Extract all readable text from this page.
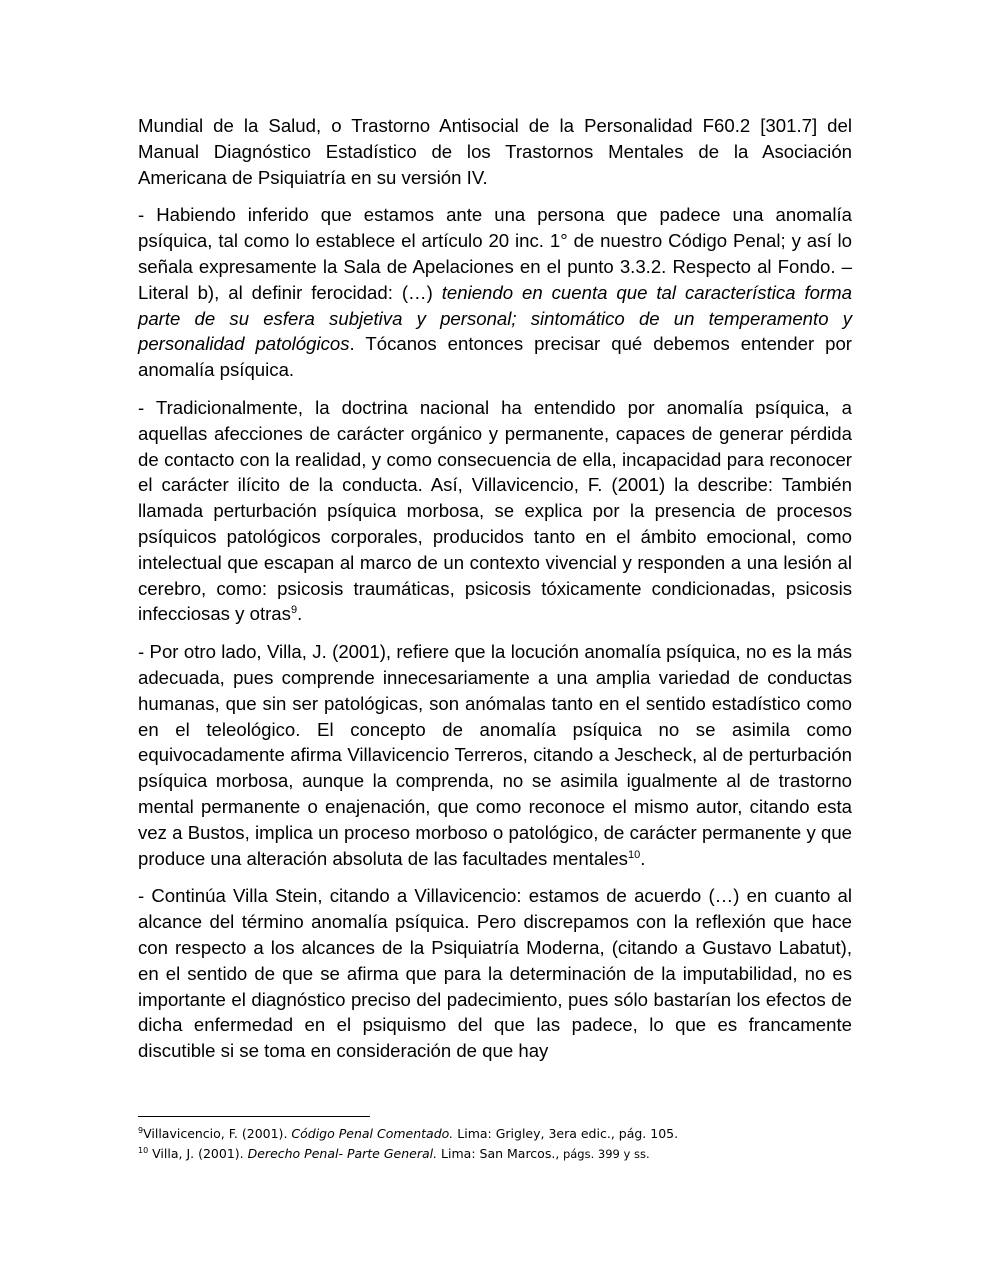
Mundial de la Salud, o Trastorno Antisocial de la Personalidad F60.2 [301.7] del Manual Diagnóstico Estadístico de los Trastornos Mentales de la Asociación Americana de Psiquiatría en su versión IV.

- Habiendo inferido que estamos ante una persona que padece una anomalía psíquica, tal como lo establece el artículo 20 inc. 1° de nuestro Código Penal; y así lo señala expresamente la Sala de Apelaciones en el punto 3.3.2. Respecto al Fondo. – Literal b), al definir ferocidad: (…) teniendo en cuenta que tal característica forma parte de su esfera subjetiva y personal; sintomático de un temperamento y personalidad patológicos. Tócanos entonces precisar qué debemos entender por anomalía psíquica.

- Tradicionalmente, la doctrina nacional ha entendido por anomalía psíquica, a aquellas afecciones de carácter orgánico y permanente, capaces de generar pérdida de contacto con la realidad, y como consecuencia de ella, incapacidad para reconocer el carácter ilícito de la conducta. Así, Villavicencio, F. (2001) la describe: También llamada perturbación psíquica morbosa, se explica por la presencia de procesos psíquicos patológicos corporales, producidos tanto en el ámbito emocional, como intelectual que escapan al marco de un contexto vivencial y responden a una lesión al cerebro, como: psicosis traumáticas, psicosis tóxicamente condicionadas, psicosis infecciosas y otras$^9$.

- Por otro lado, Villa, J. (2001), refiere que la locución anomalía psíquica, no es la más adecuada, pues comprende innecesariamente a una amplia variedad de conductas humanas, que sin ser patológicas, son anómalas tanto en el sentido estadístico como en el teleológico. El concepto de anomalía psíquica no se asimila como equivocadamente afirma Villavicencio Terreros, citando a Jescheck, al de perturbación psíquica morbosa, aunque la comprenda, no se asimila igualmente al de trastorno mental permanente o enajenación, que como reconoce el mismo autor, citando esta vez a Bustos, implica un proceso morboso o patológico, de carácter permanente y que produce una alteración absoluta de las facultades mentales$^{10}$.

- Continúa Villa Stein, citando a Villavicencio: estamos de acuerdo (…) en cuanto al alcance del término anomalía psíquica. Pero discrepamos con la reflexión que hace con respecto a los alcances de la Psiquiatría Moderna, (citando a Gustavo Labatut), en el sentido de que se afirma que para la determinación de la imputabilidad, no es importante el diagnóstico preciso del padecimiento, pues sólo bastarían los efectos de dicha enfermedad en el psiquismo del que las padece, lo que es francamente discutible si se toma en consideración de que hay

$^9$Villavicencio, F. (2001). Código Penal Comentado. Lima: Grigley, 3era edic., pág. 105.
$^{10}$ Villa, J. (2001). Derecho Penal- Parte General. Lima: San Marcos., págs. 399 y ss.
